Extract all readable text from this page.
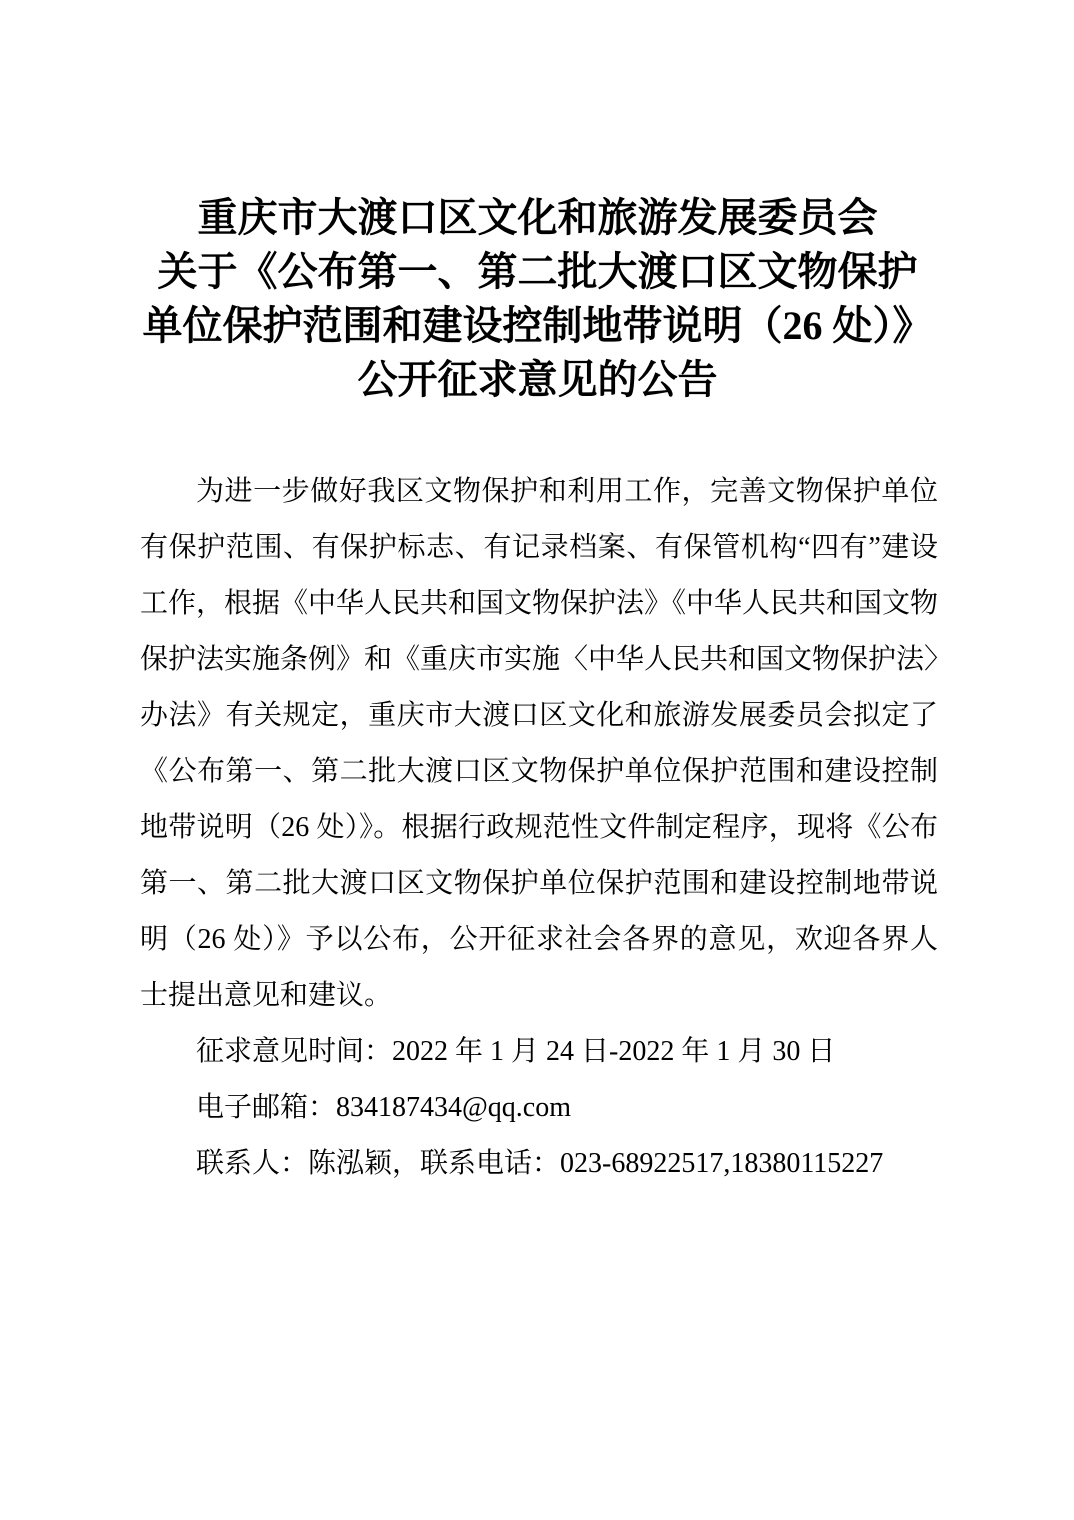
重庆市大渡口区文化和旅游发展委员会
关于《公布第一、第二批大渡口区文物保护
单位保护范围和建设控制地带说明（26 处）》
公开征求意见的公告

为进一步做好我区文物保护和利用工作，完善文物保护单位有保护范围、有保护标志、有记录档案、有保管机构“四有”建设工作，根据《中华人民共和国文物保护法》《中华人民共和国文物保护法实施条例》和《重庆市实施〈中华人民共和国文物保护法〉办法》有关规定，重庆市大渡口区文化和旅游发展委员会拟定了《公布第一、第二批大渡口区文物保护单位保护范围和建设控制地带说明（26 处）》。根据行政规范性文件制定程序，现将《公布第一、第二批大渡口区文物保护单位保护范围和建设控制地带说明（26 处）》予以公布，公开征求社会各界的意见，欢迎各界人士提出意见和建议。

征求意见时间：2022 年 1 月 24 日-2022 年 1 月 30 日

电子邮箱：834187434@qq.com

联系人：陈泓颖，联系电话：023-68922517,18380115227
